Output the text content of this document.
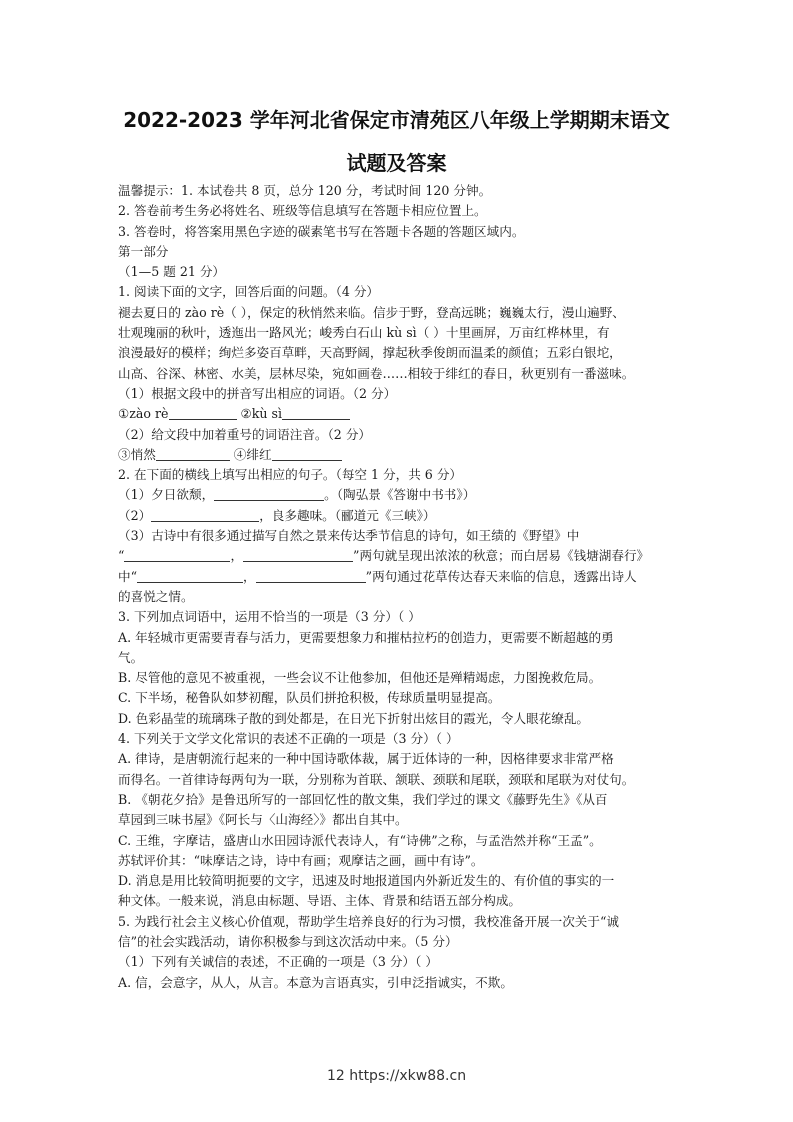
2022-2023 学年河北省保定市清苑区八年级上学期期末语文
试题及答案
温馨提示：1. 本试卷共 8 页，总分 120 分，考试时间 120 分钟。
2. 答卷前考生务必将姓名、班级等信息填写在答题卡相应位置上。
3. 答卷时，将答案用黑色字迹的碳素笔书写在答题卡各题的答题区域内。
第一部分
（1—5 题 21 分）
1. 阅读下面的文字，回答后面的问题。（4 分）
褪去夏日的 zào rè（ ），保定的秋悄然来临。信步于野，登高远眺；巍巍太行，漫山遍野、
壮观瑰丽的秋叶，透迤出一路风光；峻秀白石山 kù sì（ ）十里画屏，万亩红桦林里，有
浪漫最好的模样；绚烂多姿百草畔，天高野阔，撑起秋季俊朗而温柔的颜值；五彩白银坨，
山高、谷深、林密、水美，层林尽染，宛如画卷……相较于绯红的春日，秋更别有一番滋味。
（1）根据文段中的拼音写出相应的词语。（2 分）
①zào rè	②kù sì
（2）给文段中加着重号的词语注音。（2 分）
③悄然	④绯红
2. 在下面的横线上填写出相应的句子。（每空 1 分，共 6 分）
（1）夕日欲颓，	。（陶弘景《答谢中书书》）
（2）	，良多趣味。（郦道元《三峡》）
（3）古诗中有很多通过描写自然之景来传达季节信息的诗句，如王绩的《野望》中
“	，	”两句就呈现出浓浓的秋意；而白居易《钱塘湖春行》
中“	，	”两句通过花草传达春天来临的信息，透露出诗人
的喜悦之情。
3. 下列加点词语中，运用不恰当的一项是（3 分）（ ）
A. 年轻城市更需要青春与活力，更需要想象力和摧枯拉朽的创造力，更需要不断超越的勇
气。
B. 尽管他的意见不被重视，一些会议不让他参加，但他还是殚精竭虑，力图挽救危局。
C. 下半场，秘鲁队如梦初醒，队员们拼抢积极，传球质量明显提高。
D. 色彩晶莹的琉璃珠子散的到处都是，在日光下折射出炫目的霞光，令人眼花缭乱。
4. 下列关于文学文化常识的表述不正确的一项是（3 分）（ ）
A. 律诗，是唐朝流行起来的一种中国诗歌体裁，属于近体诗的一种，因格律要求非常严格
而得名。一首律诗每两句为一联，分别称为首联、颔联、颈联和尾联，颈联和尾联为对仗句。
B. 《朝花夕拾》是鲁迅所写的一部回忆性的散文集，我们学过的课文《藤野先生》《从百
草园到三味书屋》《阿长与〈山海经〉》都出自其中。
C. 王维，字摩诘，盛唐山水田园诗派代表诗人，有“诗佛”之称，与孟浩然并称“王孟”。
苏轼评价其：“味摩诘之诗，诗中有画；观摩诘之画，画中有诗”。
D. 消息是用比较简明扼要的文字，迅速及时地报道国内外新近发生的、有价值的事实的一
种文体。一般来说，消息由标题、导语、主体、背景和结语五部分构成。
5. 为践行社会主义核心价值观，帮助学生培养良好的行为习惯，我校准备开展一次关于“诚
信”的社会实践活动，请你积极参与到这次活动中来。（5 分）
（1）下列有关诚信的表述，不正确的一项是（3 分）（ ）
A. 信，会意字，从人，从言。本意为言语真实，引申泛指诚实，不欺。
12 https://xkw88.cn
